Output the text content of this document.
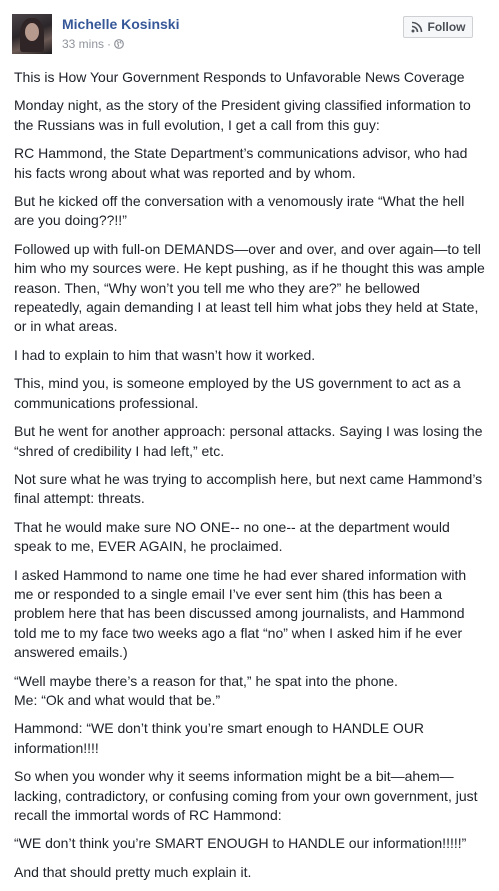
Michelle Kosinski
33 mins ·
Follow

This is How Your Government Responds to Unfavorable News Coverage

Monday night, as the story of the President giving classified information to the Russians was in full evolution, I get a call from this guy:

RC Hammond, the State Department’s communications advisor, who had his facts wrong about what was reported and by whom.

But he kicked off the conversation with a venomously irate “What the hell are you doing??!!”

Followed up with full-on DEMANDS—over and over, and over again—to tell him who my sources were. He kept pushing, as if he thought this was ample reason. Then, “Why won’t you tell me who they are?” he bellowed repeatedly, again demanding I at least tell him what jobs they held at State, or in what areas.

I had to explain to him that wasn’t how it worked.

This, mind you, is someone employed by the US government to act as a communications professional.

But he went for another approach: personal attacks. Saying I was losing the “shred of credibility I had left,” etc.

Not sure what he was trying to accomplish here, but next came Hammond’s final attempt: threats.

That he would make sure NO ONE-- no one-- at the department would speak to me, EVER AGAIN, he proclaimed.

I asked Hammond to name one time he had ever shared information with me or responded to a single email I’ve ever sent him (this has been a problem here that has been discussed among journalists, and Hammond told me to my face two weeks ago a flat “no” when I asked him if he ever answered emails.)

“Well maybe there’s a reason for that,” he spat into the phone.

Me: “Ok and what would that be.”

Hammond: “WE don’t think you’re smart enough to HANDLE OUR information!!!!

So when you wonder why it seems information might be a bit—ahem—lacking, contradictory, or confusing coming from your own government, just recall the immortal words of RC Hammond:

“WE don’t think you’re SMART ENOUGH to HANDLE our information!!!!!”

And that should pretty much explain it.
